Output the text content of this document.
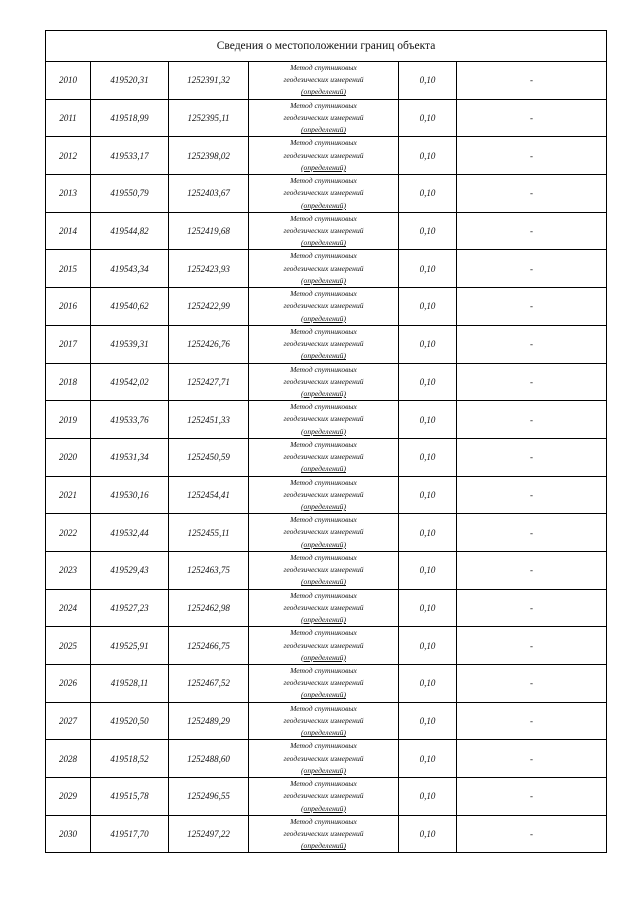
Сведения о местоположении границ объекта					
2010	419520,31	1252391,32	Метод спутниковых
геодезических измерений
(определений)	0,10	-
2011	419518,99	1252395,11	Метод спутниковых
геодезических измерений
(определений)	0,10	-
2012	419533,17	1252398,02	Метод спутниковых
геодезических измерений
(определений)	0,10	-
2013	419550,79	1252403,67	Метод спутниковых
геодезических измерений
(определений)	0,10	-
2014	419544,82	1252419,68	Метод спутниковых
геодезических измерений
(определений)	0,10	-
2015	419543,34	1252423,93	Метод спутниковых
геодезических измерений
(определений)	0,10	-
2016	419540,62	1252422,99	Метод спутниковых
геодезических измерений
(определений)	0,10	-
2017	419539,31	1252426,76	Метод спутниковых
геодезических измерений
(определений)	0,10	-
2018	419542,02	1252427,71	Метод спутниковых
геодезических измерений
(определений)	0,10	-
2019	419533,76	1252451,33	Метод спутниковых
геодезических измерений
(определений)	0,10	-
2020	419531,34	1252450,59	Метод спутниковых
геодезических измерений
(определений)	0,10	-
2021	419530,16	1252454,41	Метод спутниковых
геодезических измерений
(определений)	0,10	-
2022	419532,44	1252455,11	Метод спутниковых
геодезических измерений
(определений)	0,10	-
2023	419529,43	1252463,75	Метод спутниковых
геодезических измерений
(определений)	0,10	-
2024	419527,23	1252462,98	Метод спутниковых
геодезических измерений
(определений)	0,10	-
2025	419525,91	1252466,75	Метод спутниковых
геодезических измерений
(определений)	0,10	-
2026	419528,11	1252467,52	Метод спутниковых
геодезических измерений
(определений)	0,10	-
2027	419520,50	1252489,29	Метод спутниковых
геодезических измерений
(определений)	0,10	-
2028	419518,52	1252488,60	Метод спутниковых
геодезических измерений
(определений)	0,10	-
2029	419515,78	1252496,55	Метод спутниковых
геодезических измерений
(определений)	0,10	-
2030	419517,70	1252497,22	Метод спутниковых
геодезических измерений
(определений)	0,10	-
